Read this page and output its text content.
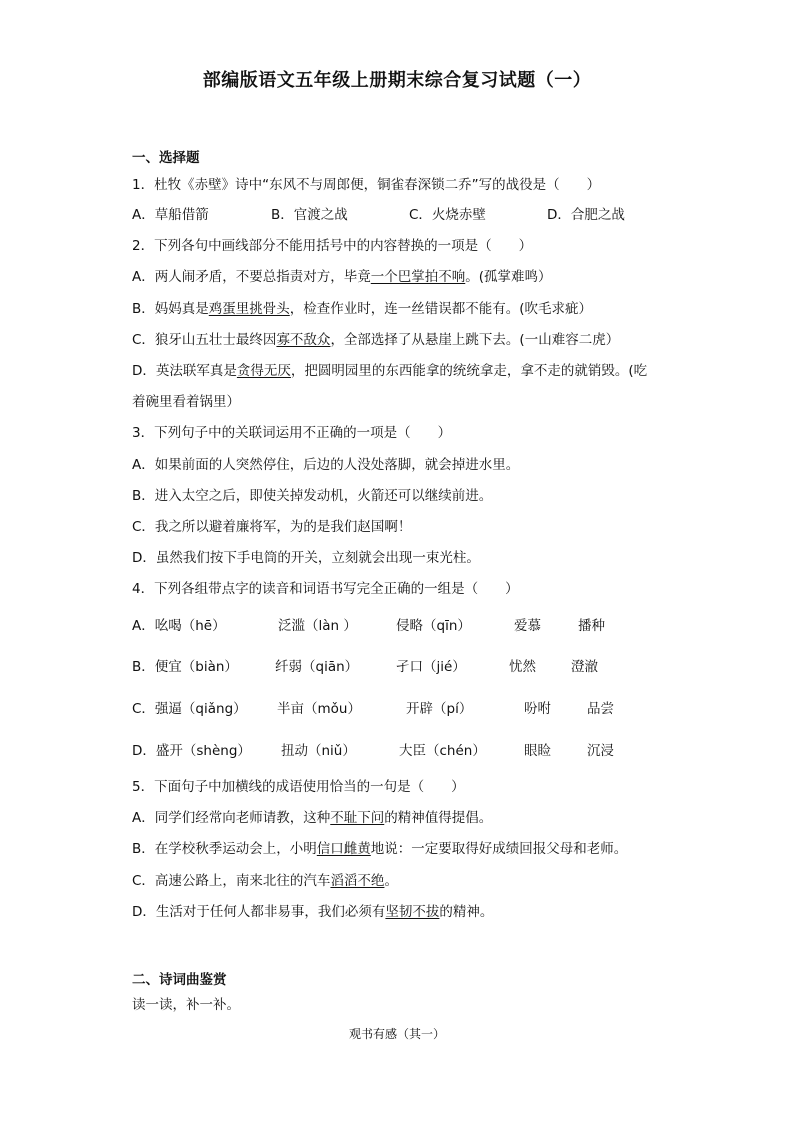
部编版语文五年级上册期末综合复习试题（一）
一、选择题
1．杜牧《赤壁》诗中“东风不与周郎便，铜雀春深锁二乔”写的战役是（　　）
A．草船借箭	B．官渡之战	C．火烧赤壁	D．合肥之战
2．下列各句中画线部分不能用括号中的内容替换的一项是（　　）
A．两人闹矛盾，不要总指责对方，毕竟一个巴掌拍不响。(孤掌难鸣）
B．妈妈真是鸡蛋里挑骨头，检查作业时，连一丝错误都不能有。(吹毛求疵）
C．狼牙山五壮士最终因寡不敌众，全部选择了从悬崖上跳下去。(一山难容二虎）
D．英法联军真是贪得无厌，把圆明园里的东西能拿的统统拿走，拿不走的就销毁。(吃
着碗里看着锅里）
3．下列句子中的关联词运用不正确的一项是（　　）
A．如果前面的人突然停住，后边的人没处落脚，就会掉进水里。
B．进入太空之后，即使关掉发动机，火箭还可以继续前进。
C．我之所以避着廉将军，为的是我们赵国啊！
D．虽然我们按下手电筒的开关，立刻就会出现一束光柱。
4．下列各组带点字的读音和词语书写完全正确的一组是（　　）
A．吆喝（hē）	泛滥（làn ）	侵略（qīn）	爱慕	播种
B．便宜（biàn）	纤弱（qiān）	孑口（jié）	忧然	澄澈
C．强逼（qiǎng） 半亩（mǒu）	开辟（pí）	吩咐	品尝
D．盛开（shèng） 扭动（niǔ）	大臣（chén）	眼睑	沉浸
5．下面句子中加横线的成语使用恰当的一句是（　　）
A．同学们经常向老师请教，这种不耻下问的精神值得提倡。
B．在学校秋季运动会上，小明信口雌黄地说：一定要取得好成绩回报父母和老师。
C．高速公路上，南来北往的汽车滔滔不绝。
D．生活对于任何人都非易事，我们必须有坚韧不拔的精神。
二、诗词曲鉴赏
读一读，补一补。
观书有感（其一）
